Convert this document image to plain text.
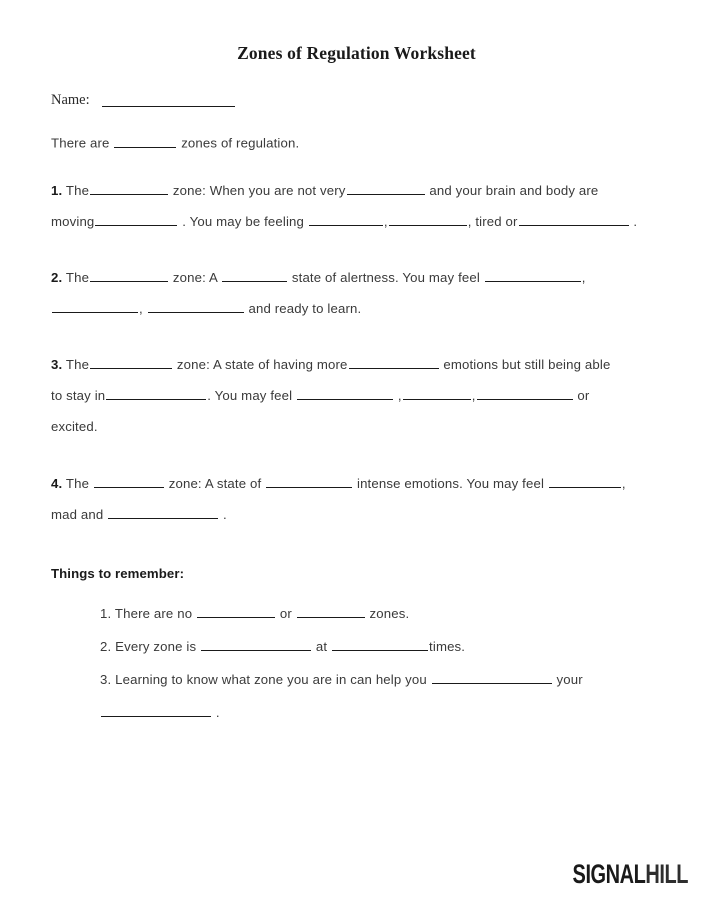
Zones of Regulation Worksheet
Name:
There are	zones of regulation.
1. The	zone: When you are not very	and your brain and body are
moving	. You may be feeling	,	, tired or	.
2. The	zone: A	state of alertness. You may feel	,
,	and ready to learn.
3. The	zone: A state of having more	emotions but still being able
to stay in	. You may feel	,	,	or
excited.
4. The	zone: A state of	intense emotions. You may feel	,
mad and	.
Things to remember:
1. There are no	or	zones.
2. Every zone is	at	times.
3. Learning to know what zone you are in can help you	your
.
SIGNALHILL
